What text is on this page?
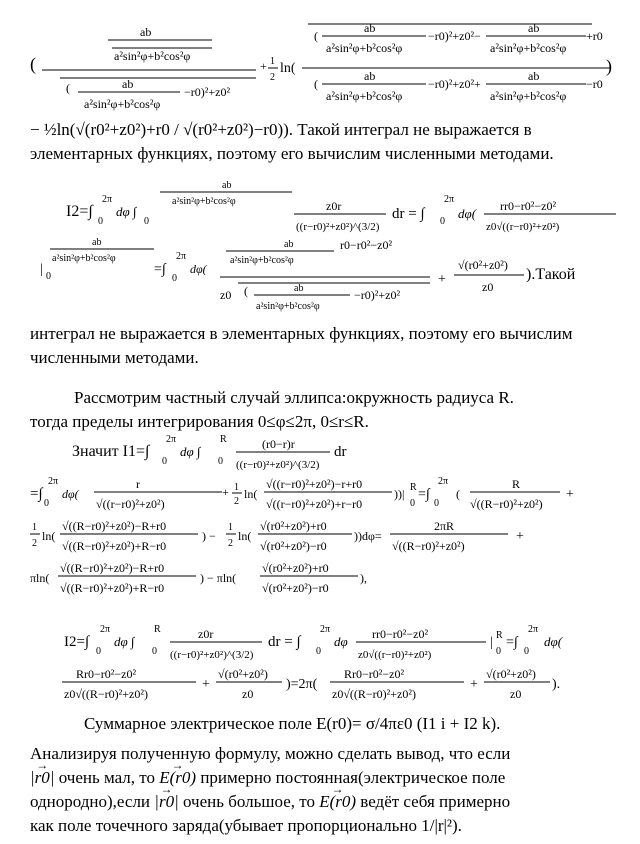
(
ab
a²sin²φ+b²cos²φ
(	ab
a²sin²φ+b²cos²φ
−r0)²+z0²
+ 1
2
ln(
(
ab
a²sin²φ+b²cos²φ
−r0)²+z0²−
ab
a²sin²φ+b²cos²φ
+r0
(
ab
a²sin²φ+b²cos²φ
−r0)²+z0²+
ab
a²sin²φ+b²cos²φ
−r0
)
− ½ln(√(r0²+z0²)+r0 / √(r0²+z0²)−r0)). Такой интеграл не выражается в элементарных функциях, поэтому его вычислим численными методами.
I2=∫
2π
0
dφ ∫
ab
a²sin²φ+b²cos²φ
0
z0r
((r−r0)²+z0²)^(3/2)
dr = ∫
2π
0
dφ( rr0−r0²−z0²
z0√((r−r0)²+z0²)
ab
a²sin²φ+b²cos²φ
| 0	=∫
2π
0
dφ(
ab
a²sin²φ+b²cos²φ
r0−r0²−z0²
z0 (	ab
a²sin²φ+b²cos²φ
−r0)²+z0²
+
√(r0²+z0²)
z0
).Такой
интеграл не выражается в элементарных функциях, поэтому его вычислим численными методами.
Рассмотрим частный случай эллипса:окружность радиуса R.
тогда пределы интегрирования 0≤φ≤2π, 0≤r≤R.
Значит I1=∫
2π
0
dφ ∫
R
0
(r0−r)r
((r−r0)²+z0²)^(3/2)
dr
=∫
2π
0
dφ(
r
√((r−r0)²+z0²)
+ 1
2
ln(
√((r−r0)²+z0²)−r+r0
√((r−r0)²+z0²)+r−r0
))| R
0
=∫
2π
0
(
R
√((R−r0)²+z0²)
+
1
2
ln(
√((R−r0)²+z0²)−R+r0
√((R−r0)²+z0²)+R−r0
) −
1
2
ln(
√(r0²+z0²)+r0
√(r0²+z0²)−r0
))dφ=
2πR
√((R−r0)²+z0²)
+
πln(
√((R−r0)²+z0²)−R+r0
√((R−r0)²+z0²)+R−r0
) − πln(
√(r0²+z0²)+r0
√(r0²+z0²)−r0
),
I2=∫
2π
0
dφ ∫
R
0
z0r
((r−r0)²+z0²)^(3/2)
dr = ∫
2π
0
dφ rr0−r0²−z0²
z0√((r−r0)²+z0²)
| R
0
=∫
2π
0
dφ(
Rr0−r0²−z0²
z0√((R−r0)²+z0²)
+
√(r0²+z0²)
z0
)=2π(
Rr0−r0²−z0²
z0√((R−r0)²+z0²)
+
√(r0²+z0²)
z0
).
Суммарное электрическое поле E(r0)= σ/4πε0 (I1 i + I2 k).
Анализируя полученную формулу, можно сделать вывод, что если
→ |r0| очень мал, то → E(r0) примерно постоянная(электрическое поле
однородно),если → |r0| очень большое, то → E(r0) ведёт себя примерно
как поле точечного заряда(убывает пропорционально 1/|r|²).
